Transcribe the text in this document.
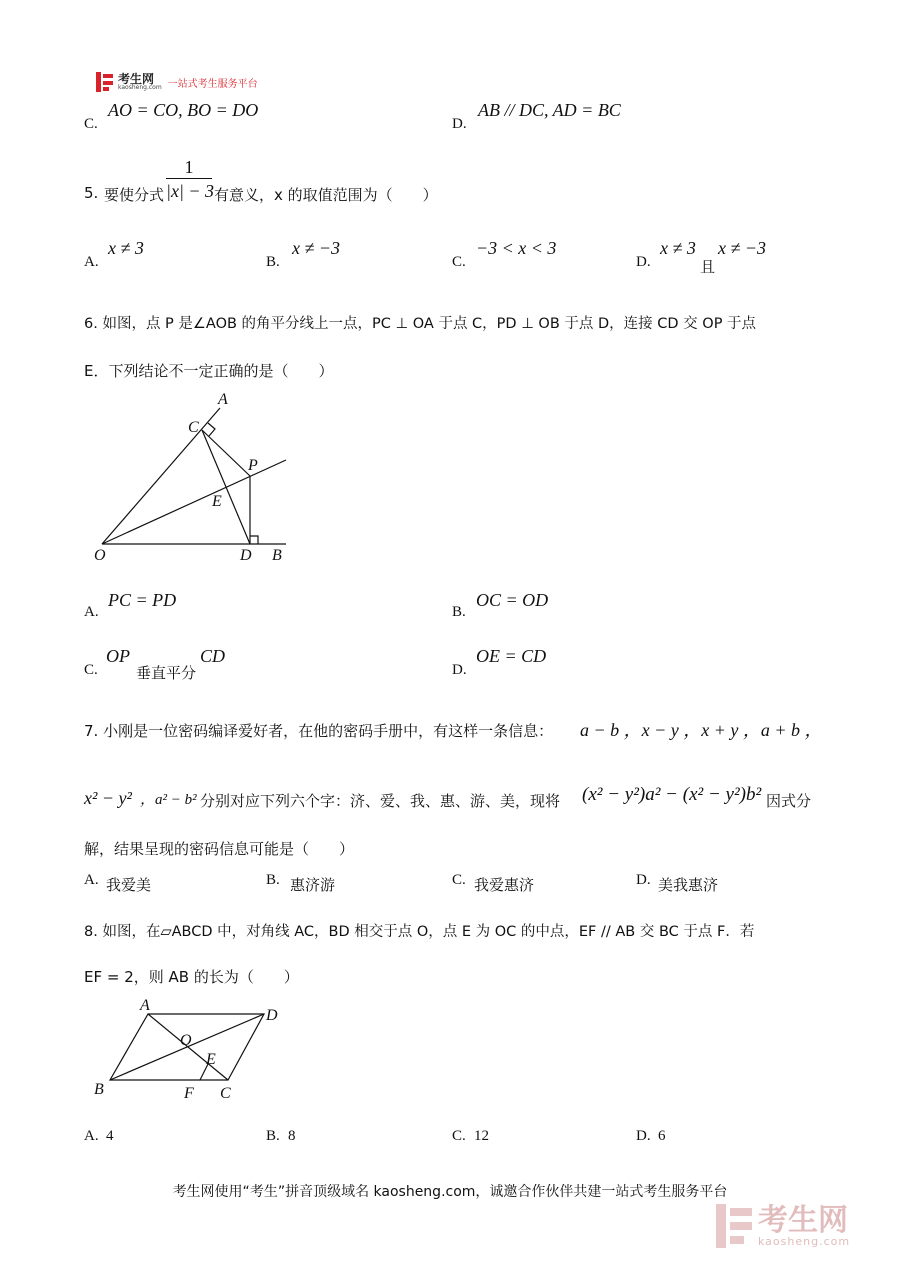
考生网
kaosheng.com 一站式考生服务平台
C.
AO = CO, BO = DO
D.
AB // DC, AD = BC
5. 要使分式 $\frac{1}{|x| - 3}$ 有意义，x 的取值范围为（　　）
A.
x ≠ 3
B.
x ≠ −3
C.
−3 < x < 3
D.
x ≠ 3
且
x ≠ −3
6. 如图，点 P 是∠AOB 的角平分线上一点，PC ⊥ OA 于点 C，PD ⊥ OB 于点 D，连接 CD 交 OP 于点
E．下列结论不一定正确的是（　　）
A
C
P
E
O	D B
A.
PC = PD
B.
OC = OD
C.
OP
垂直平分
CD
D.
OE = CD
7. 小刚是一位密码编译爱好者，在他的密码手册中，有这样一条信息： a − b ，x − y ，x + y ，a + b ，
x² − y² ，a² − b² 分别对应下列六个字：济、爱、我、惠、游、美，现将 (x² − y²)a² − (x² − y²)b² 因式分
解，结果呈现的密码信息可能是（　　）
A. 我爱美	B. 惠济游	C. 我爱惠济	D. 美我惠济
8. 如图，在▱ABCD 中，对角线 AC，BD 相交于点 O，点 E 为 OC 的中点，EF // AB 交 BC 于点 F．若
EF = 2，则 AB 的长为（　　）
A
D
O
E
B	F C
A. 4	B. 8	C. 12	D. 6
考生网使用“考生”拼音顶级域名 kaosheng.com，诚邀合作伙伴共建一站式考生服务平台
考生网
kaosheng.com
